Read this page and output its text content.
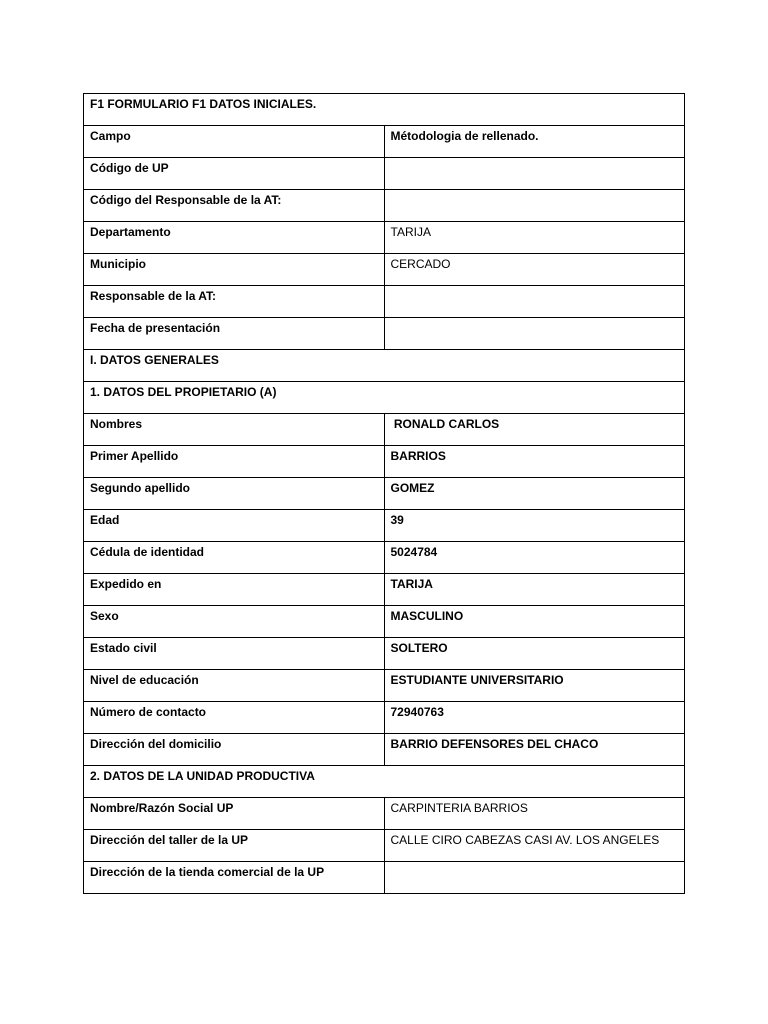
F1 FORMULARIO F1 DATOS INICIALES.	
Campo	Métodologia de rellenado.
Código de UP	
Código del Responsable de la AT:	
Departamento	TARIJA
Municipio	CERCADO
Responsable de la AT:	
Fecha de presentación	
I. DATOS GENERALES	
1. DATOS DEL PROPIETARIO (A)	
Nombres	RONALD CARLOS
Primer Apellido	BARRIOS
Segundo apellido	GOMEZ
Edad	39
Cédula de identidad	5024784
Expedido en	TARIJA
Sexo	MASCULINO
Estado civil	SOLTERO
Nivel de educación	ESTUDIANTE UNIVERSITARIO
Número de contacto	72940763
Dirección del domicilio	BARRIO DEFENSORES DEL CHACO
2. DATOS DE LA UNIDAD PRODUCTIVA	
Nombre/Razón Social UP	CARPINTERIA BARRIOS
Dirección del taller de la UP	CALLE CIRO CABEZAS CASI AV. LOS ANGELES
Dirección de la tienda comercial de la UP	
